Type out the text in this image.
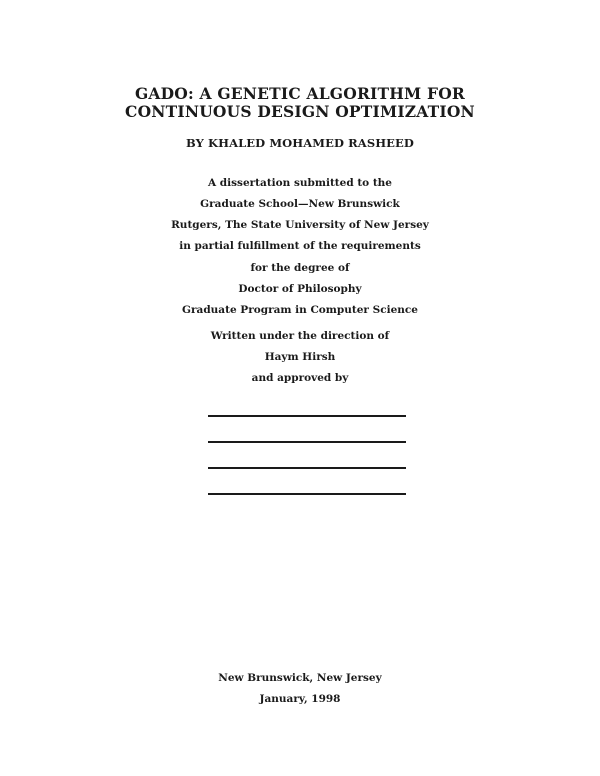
GADO: A GENETIC ALGORITHM FOR
CONTINUOUS DESIGN OPTIMIZATION
BY KHALED MOHAMED RASHEED
A dissertation submitted to the
Graduate School—New Brunswick
Rutgers, The State University of New Jersey
in partial fulfillment of the requirements
for the degree of
Doctor of Philosophy
Graduate Program in Computer Science
Written under the direction of
Haym Hirsh
and approved by
New Brunswick, New Jersey
January, 1998
